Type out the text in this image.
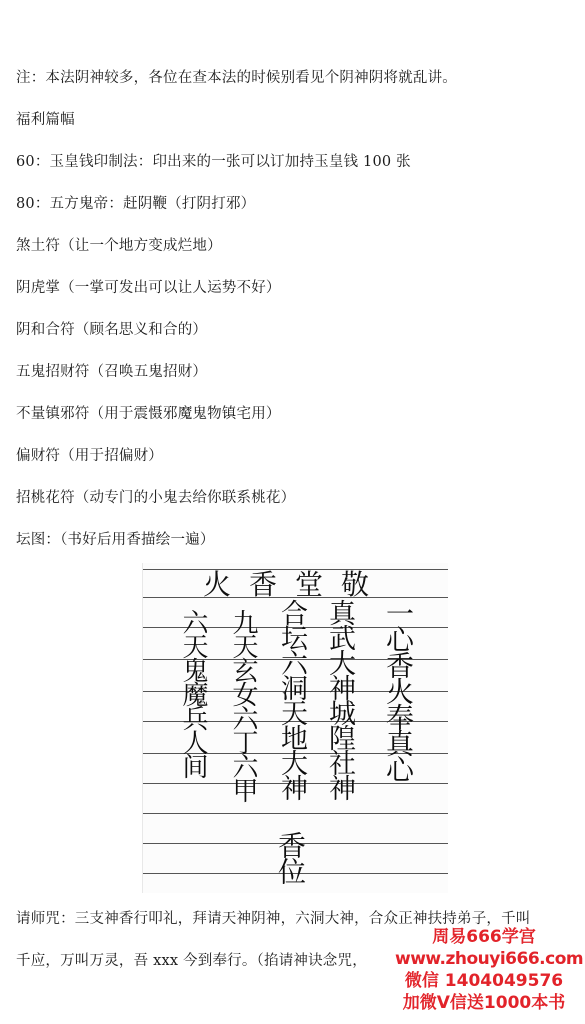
注：本法阴神较多，各位在查本法的时候别看见个阴神阴将就乱讲。
福利篇幅
60：玉皇钱印制法：印出来的一张可以订加持玉皇钱 100 张
80：五方鬼帝：赶阴鞭（打阴打邪）
煞土符（让一个地方变成烂地）
阴虎掌（一掌可发出可以让人运势不好）
阴和合符（顾名思义和合的）
五鬼招财符（召唤五鬼招财）
不量镇邪符（用于震慑邪魔鬼物镇宅用）
偏财符（用于招偏财）
招桃花符（动专门的小鬼去给你联系桃花）
坛图：（书好后用香描绘一遍）
火香堂敬
一心香火奉真心
真武大神城隍社神
合坛六洞天地大神
九天玄女六丁六甲
六天鬼魔兵人间
香位
请师咒：三支神香行叩礼，拜请天神阴神，六洞大神，合众正神扶持弟子，千叫
千应，万叫万灵，吾 xxx 今到奉行。（掐请神诀念咒，
周易666学宫
www.zhouyi666.com
微信 1404049576
加微V信送1000本书
